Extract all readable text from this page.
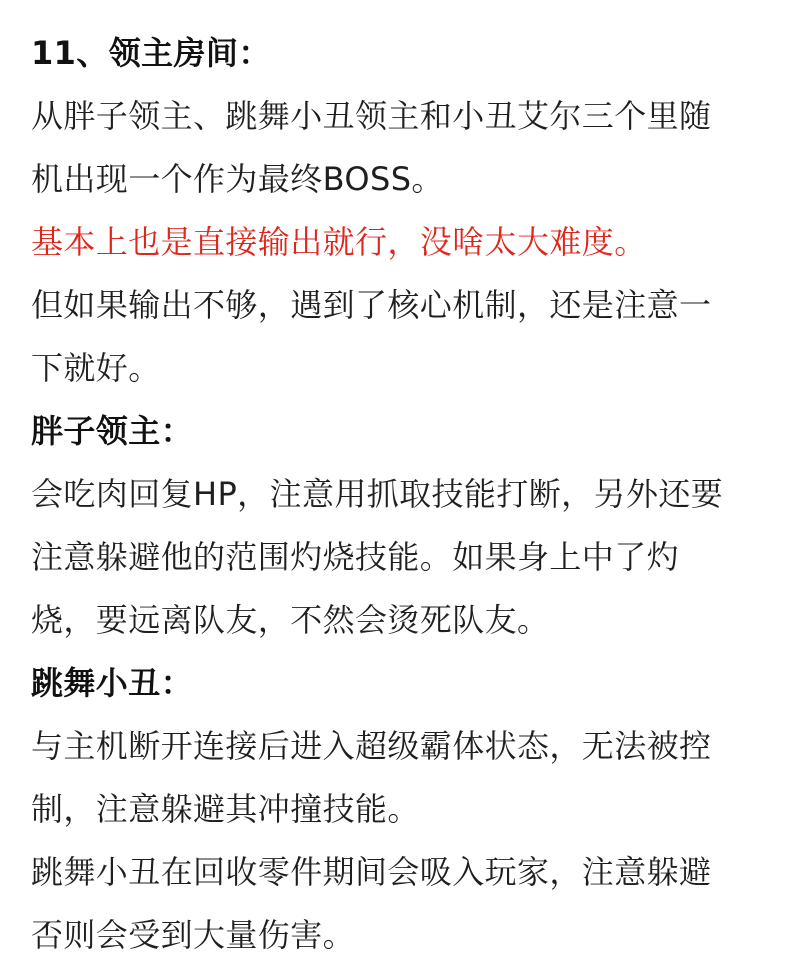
11、领主房间：
从胖子领主、跳舞小丑领主和小丑艾尔三个里随
机出现一个作为最终BOSS。
基本上也是直接输出就行，没啥太大难度。
但如果输出不够，遇到了核心机制，还是注意一
下就好。
胖子领主：
会吃肉回复HP，注意用抓取技能打断，另外还要
注意躲避他的范围灼烧技能。如果身上中了灼
烧，要远离队友，不然会烫死队友。
跳舞小丑：
与主机断开连接后进入超级霸体状态，无法被控
制，注意躲避其冲撞技能。
跳舞小丑在回收零件期间会吸入玩家，注意躲避
否则会受到大量伤害。
